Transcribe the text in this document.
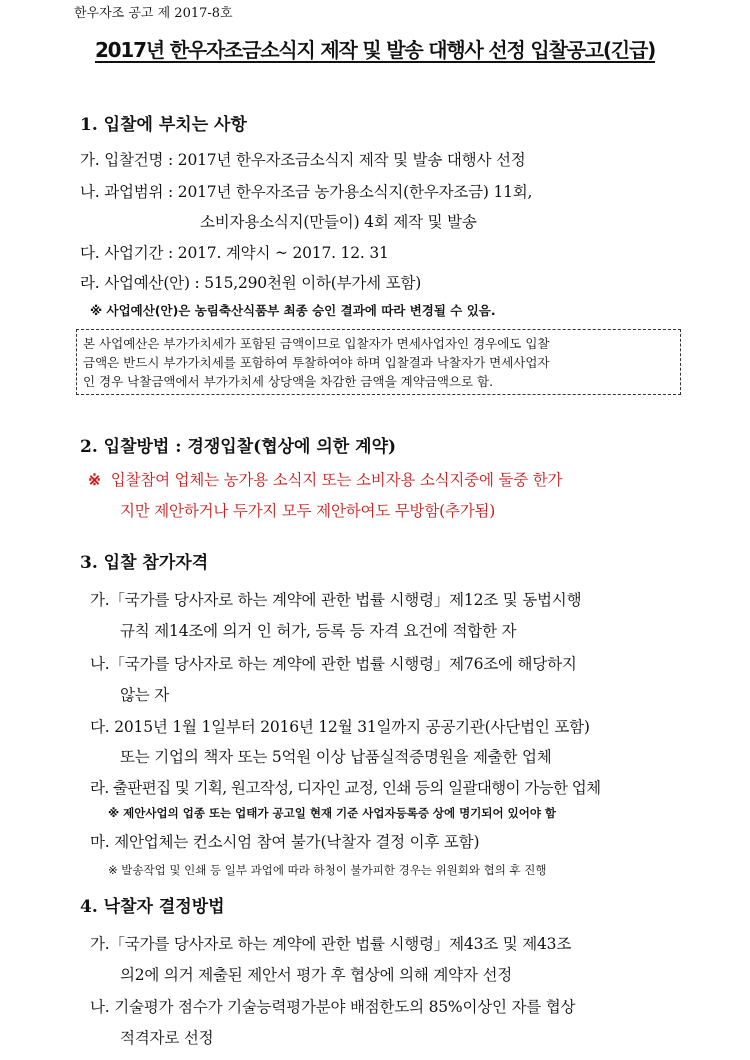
한우자조 공고 제 2017-8호
2017년 한우자조금소식지 제작 및 발송 대행사 선정 입찰공고(긴급)
1. 입찰에 부치는 사항
가. 입찰건명 : 2017년 한우자조금소식지 제작 및 발송 대행사 선정
나. 과업범위 : 2017년 한우자조금 농가용소식지(한우자조금) 11회,
소비자용소식지(만들이) 4회 제작 및 발송
다. 사업기간 : 2017. 계약시 ~ 2017. 12. 31
라. 사업예산(안) : 515,290천원 이하(부가세 포함)
※ 사업예산(안)은 농림축산식품부 최종 승인 결과에 따라 변경될 수 있음.
본 사업예산은 부가가치세가 포함된 금액이므로 입찰자가 면세사업자인 경우에도 입찰
금액은 반드시 부가가치세를 포함하여 투찰하여야 하며 입찰결과 낙찰자가 면세사업자
인 경우 낙찰금액에서 부가가치세 상당액을 차감한 금액을 계약금액으로 함.
2. 입찰방법 : 경쟁입찰(협상에 의한 계약)
※ 입찰참여 업체는 농가용 소식지 또는 소비자용 소식지중에 둘중 한가
지만 제안하거나 두가지 모두 제안하여도 무방함(추가됨)
3. 입찰 참가자격
가.「국가를 당사자로 하는 계약에 관한 법률 시행령」제12조 및 동법시행
규칙 제14조에 의거 인 허가, 등록 등 자격 요건에 적합한 자
나.「국가를 당사자로 하는 계약에 관한 법률 시행령」제76조에 해당하지
않는 자
다. 2015년 1월 1일부터 2016년 12월 31일까지 공공기관(사단법인 포함)
또는 기업의 책자 또는 5억원 이상 납품실적증명원을 제출한 업체
라. 출판편집 및 기획, 원고작성, 디자인 교정, 인쇄 등의 일괄대행이 가능한 업체
※ 제안사업의 업종 또는 업태가 공고일 현재 기준 사업자등록증 상에 명기되어 있어야 함
마. 제안업체는 컨소시엄 참여 불가(낙찰자 결정 이후 포함)
※ 발송작업 및 인쇄 등 일부 과업에 따라 하청이 불가피한 경우는 위원회와 협의 후 진행
4. 낙찰자 결정방법
가.「국가를 당사자로 하는 계약에 관한 법률 시행령」제43조 및 제43조
의2에 의거 제출된 제안서 평가 후 협상에 의해 계약자 선정
나. 기술평가 점수가 기술능력평가분야 배점한도의 85%이상인 자를 협상
적격자로 선정
